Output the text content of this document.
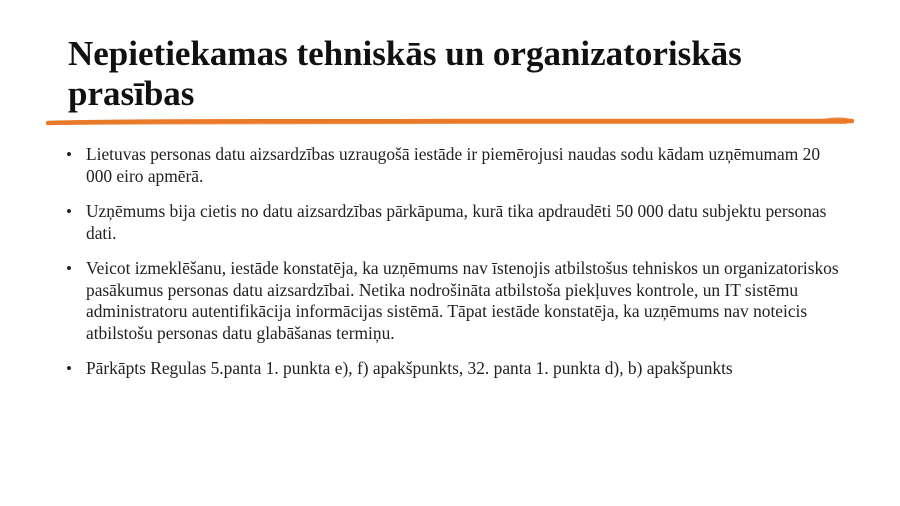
Nepietiekamas tehniskās un organizatoriskās prasības
• Lietuvas personas datu aizsardzības uzraugošā iestāde ir piemērojusi naudas sodu kādam uzņēmumam 20 000 eiro apmērā.
• Uzņēmums bija cietis no datu aizsardzības pārkāpuma, kurā tika apdraudēti 50 000 datu subjektu personas dati.
• Veicot izmeklēšanu, iestāde konstatēja, ka uzņēmums nav īstenojis atbilstošus tehniskos un organizatoriskos pasākumus personas datu aizsardzībai. Netika nodrošināta atbilstoša piekļuves kontrole, un IT sistēmu administratoru autentifikācija informācijas sistēmā. Tāpat iestāde konstatēja, ka uzņēmums nav noteicis atbilstošu personas datu glabāšanas termiņu.
• Pārkāpts Regulas 5.panta 1. punkta e), f) apakšpunkts, 32. panta 1. punkta d), b) apakšpunkts
